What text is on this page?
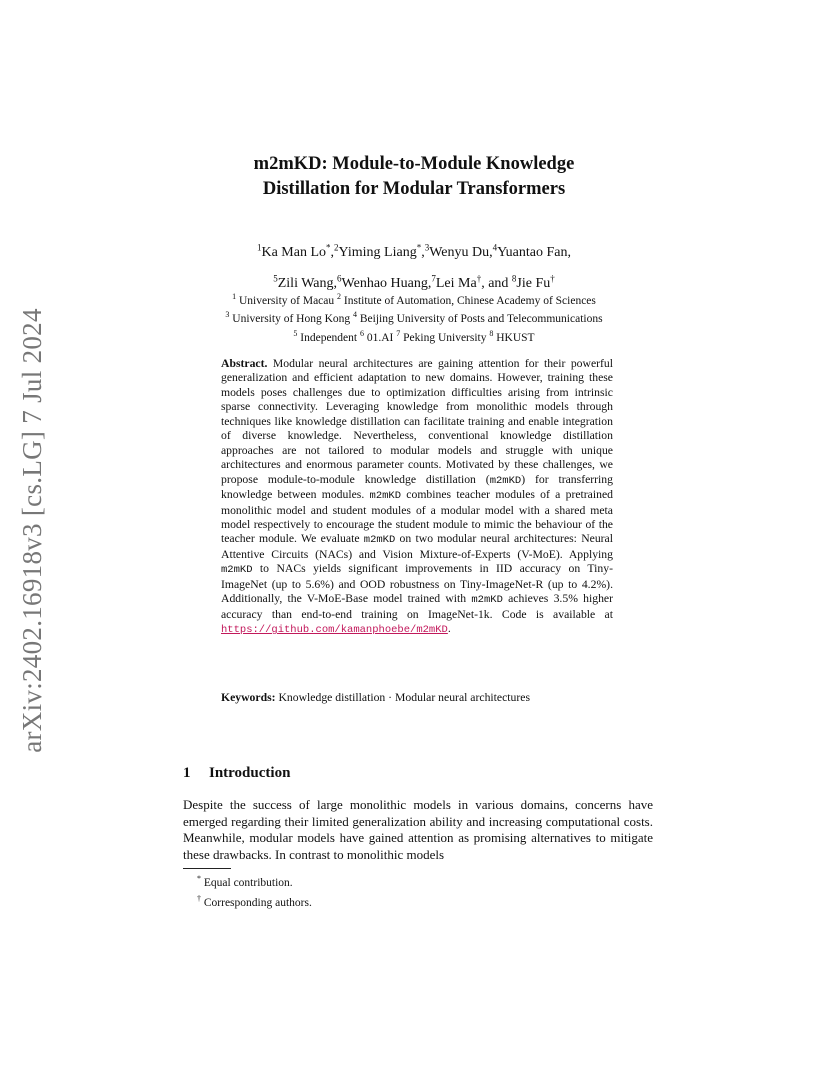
arXiv:2402.16918v3 [cs.LG] 7 Jul 2024
m2mKD: Module-to-Module Knowledge
Distillation for Modular Transformers
$^1$Ka Man Lo*,$^2$Yiming Liang*,$^3$Wenyu Du,$^4$Yuantao Fan,
$^5$Zili Wang,$^6$Wenhao Huang,$^7$Lei Ma†, and $^8$Jie Fu†
$^1$ University of Macau $^2$ Institute of Automation, Chinese Academy of Sciences
$^3$ University of Hong Kong $^4$ Beijing University of Posts and Telecommunications
$^5$ Independent $^6$ 01.AI $^7$ Peking University $^8$ HKUST
Abstract. Modular neural architectures are gaining attention for their powerful generalization and efficient adaptation to new domains. However, training these models poses challenges due to optimization difficulties arising from intrinsic sparse connectivity. Leveraging knowledge from monolithic models through techniques like knowledge distillation can facilitate training and enable integration of diverse knowledge. Nevertheless, conventional knowledge distillation approaches are not tailored to modular models and struggle with unique architectures and enormous parameter counts. Motivated by these challenges, we propose module-to-module knowledge distillation (m2mKD) for transferring knowledge between modules. m2mKD combines teacher modules of a pretrained monolithic model and student modules of a modular model with a shared meta model respectively to encourage the student module to mimic the behaviour of the teacher module. We evaluate m2mKD on two modular neural architectures: Neural Attentive Circuits (NACs) and Vision Mixture-of-Experts (V-MoE). Applying m2mKD to NACs yields significant improvements in IID accuracy on Tiny-ImageNet (up to 5.6%) and OOD robustness on Tiny-ImageNet-R (up to 4.2%). Additionally, the V-MoE-Base model trained with m2mKD achieves 3.5% higher accuracy than end-to-end training on ImageNet-1k. Code is available at https://github.com/kamanphoebe/m2mKD.
Keywords: Knowledge distillation · Modular neural architectures
1 Introduction

Despite the success of large monolithic models in various domains, concerns have emerged regarding their limited generalization ability and increasing computational costs. Meanwhile, modular models have gained attention as promising alternatives to mitigate these drawbacks. In contrast to monolithic models

* Equal contribution.
† Corresponding authors.
